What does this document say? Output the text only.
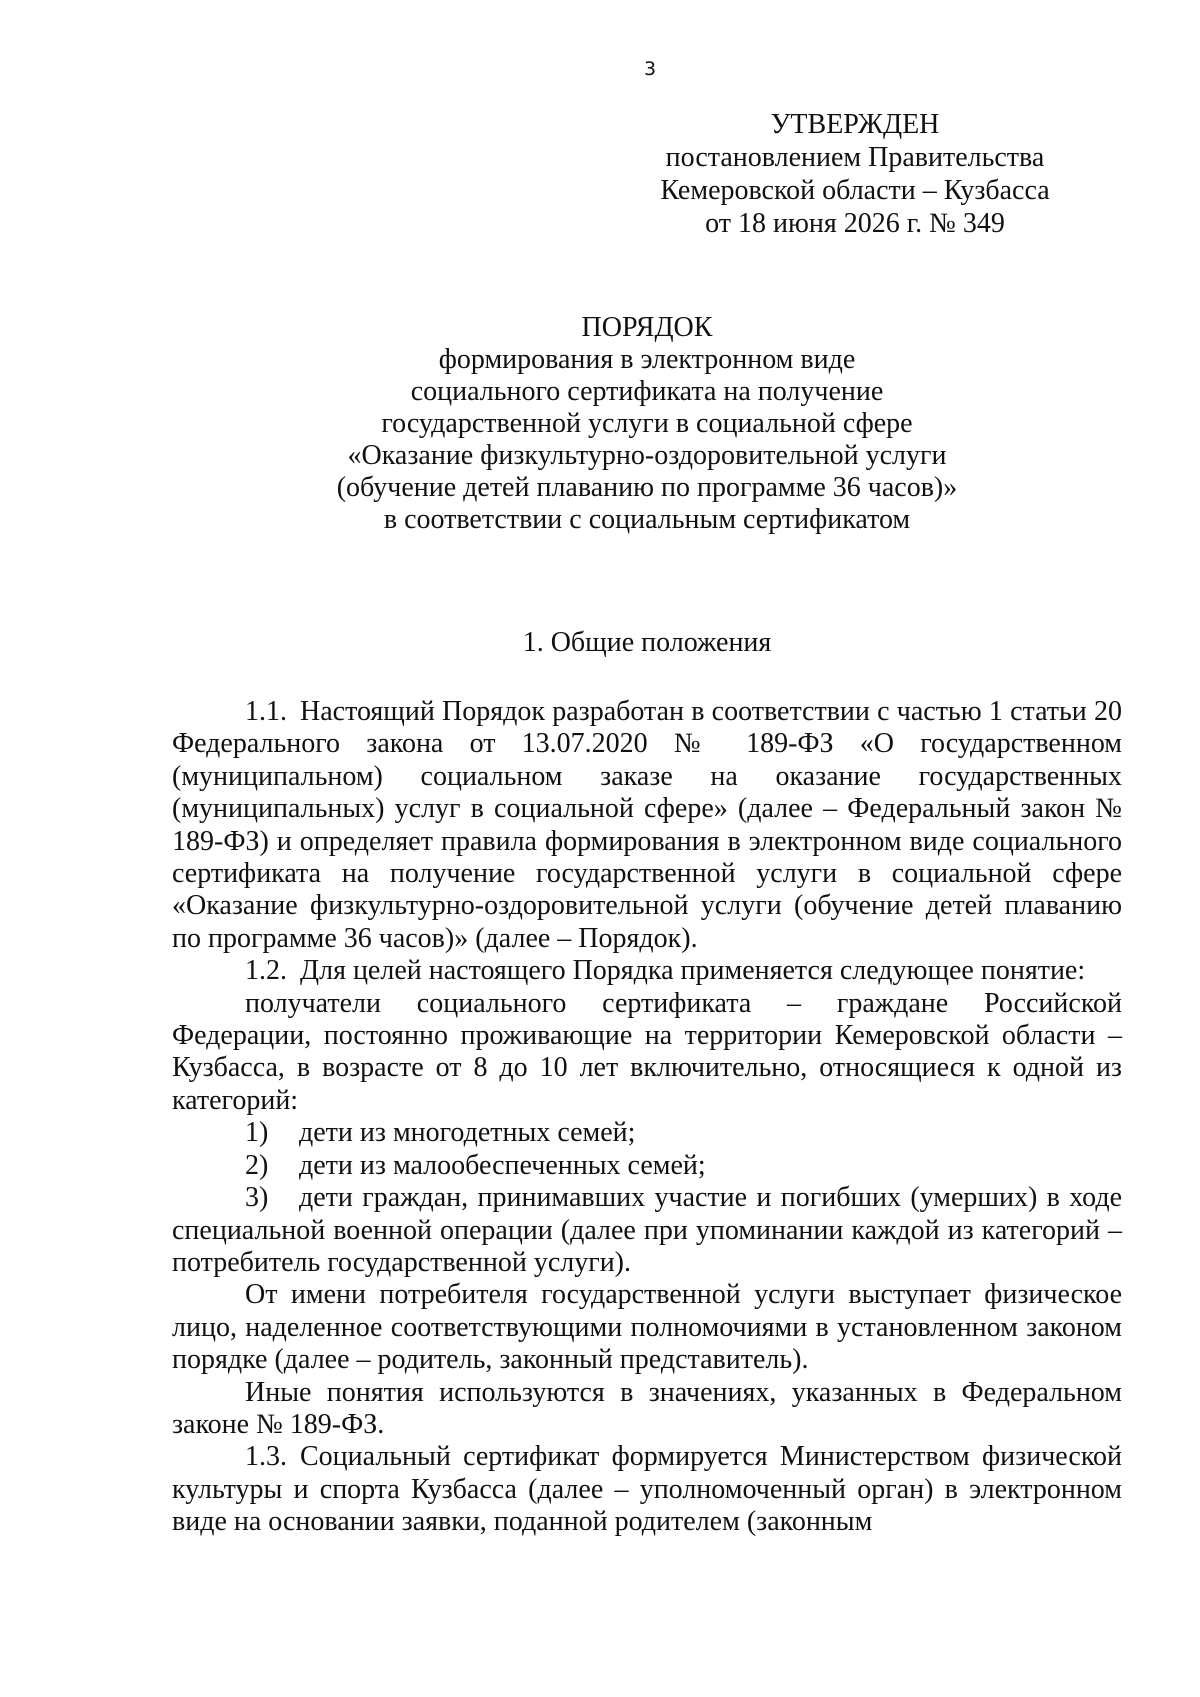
3
УТВЕРЖДЕН
постановлением Правительства
Кемеровской области – Кузбасса
от 18 июня 2026 г. № 349
ПОРЯДОК
формирования в электронном виде
социального сертификата на получение
государственной услуги в социальной сфере
«Оказание физкультурно-оздоровительной услуги
(обучение детей плаванию по программе 36 часов)»
в соответствии с социальным сертификатом
1. Общие положения

1.1. Настоящий Порядок разработан в соответствии с частью 1 статьи 20 Федерального закона от 13.07.2020 № 189-ФЗ «О государственном (муниципальном) социальном заказе на оказание государственных (муниципальных) услуг в социальной сфере» (далее – Федеральный закон № 189-ФЗ) и определяет правила формирования в электронном виде социального сертификата на получение государственной услуги в социальной сфере «Оказание физкультурно-оздоровительной услуги (обучение детей плаванию по программе 36 часов)» (далее – Порядок).

1.2. Для целей настоящего Порядка применяется следующее понятие:

получатели социального сертификата – граждане Российской Федерации, постоянно проживающие на территории Кемеровской области – Кузбасса, в возрасте от 8 до 10 лет включительно, относящиеся к одной из категорий:

1) дети из многодетных семей;

2) дети из малообеспеченных семей;

3) дети граждан, принимавших участие и погибших (умерших) в ходе специальной военной операции (далее при упоминании каждой из категорий – потребитель государственной услуги).

От имени потребителя государственной услуги выступает физическое лицо, наделенное соответствующими полномочиями в установленном законом порядке (далее – родитель, законный представитель).

Иные понятия используются в значениях, указанных в Федеральном законе № 189-ФЗ.

1.3. Социальный сертификат формируется Министерством физической культуры и спорта Кузбасса (далее – уполномоченный орган) в электронном виде на основании заявки, поданной родителем (законным
